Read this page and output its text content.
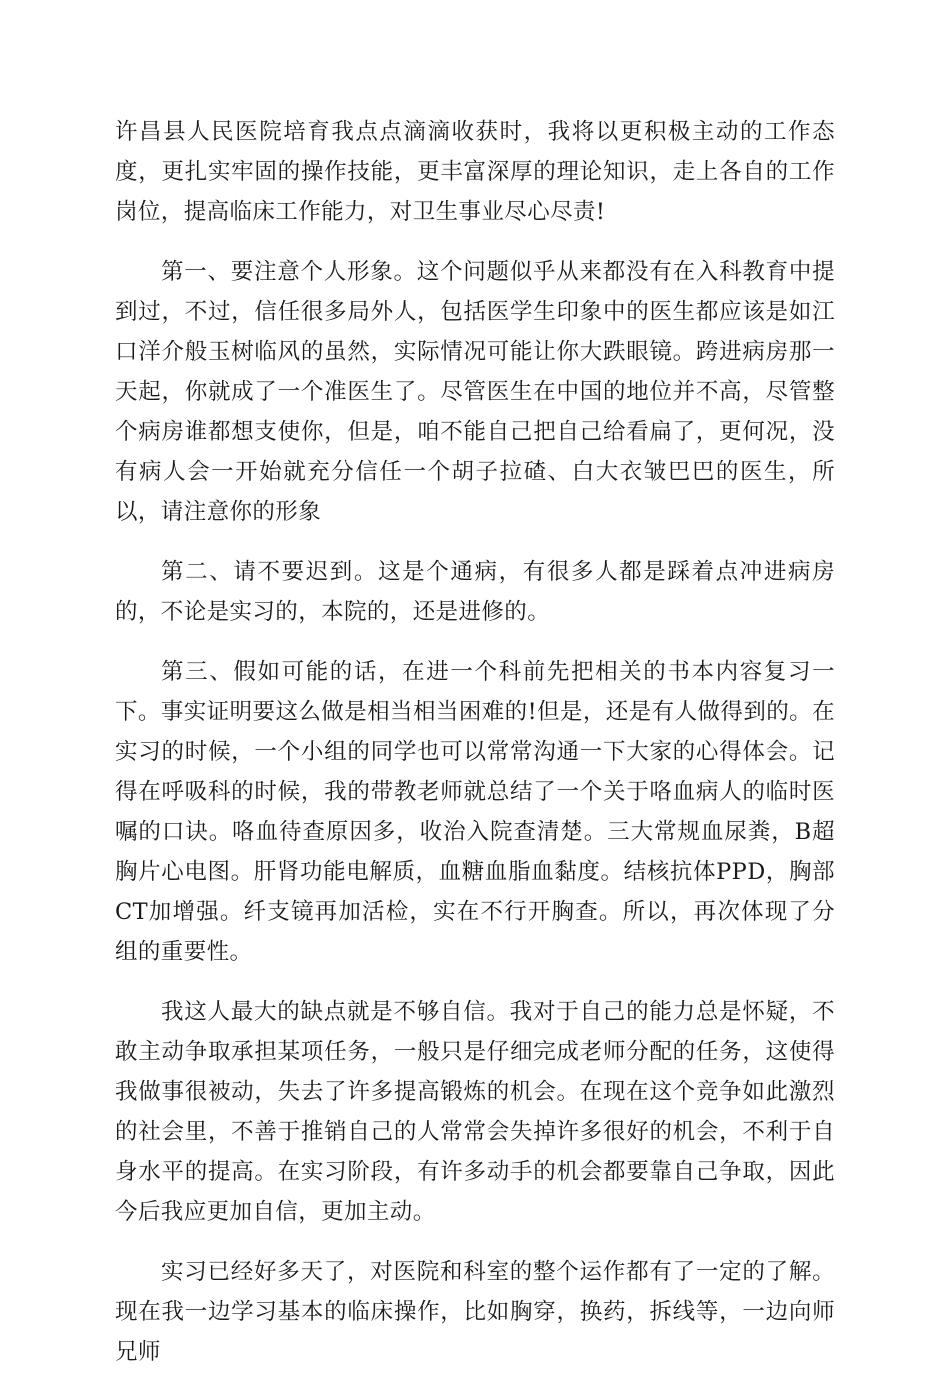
许昌县人民医院培育我点点滴滴收获时，我将以更积极主动的工作态度，更扎实牢固的操作技能，更丰富深厚的理论知识，走上各自的工作岗位，提高临床工作能力，对卫生事业尽心尽责!

第一、要注意个人形象。这个问题似乎从来都没有在入科教育中提到过，不过，信任很多局外人，包括医学生印象中的医生都应该是如江口洋介般玉树临风的虽然，实际情况可能让你大跌眼镜。跨进病房那一天起，你就成了一个准医生了。尽管医生在中国的地位并不高，尽管整个病房谁都想支使你，但是，咱不能自己把自己给看扁了，更何况，没有病人会一开始就充分信任一个胡子拉碴、白大衣皱巴巴的医生，所以，请注意你的形象

第二、请不要迟到。这是个通病，有很多人都是踩着点冲进病房的，不论是实习的，本院的，还是进修的。

第三、假如可能的话，在进一个科前先把相关的书本内容复习一下。事实证明要这么做是相当相当困难的!但是，还是有人做得到的。在实习的时候，一个小组的同学也可以常常沟通一下大家的心得体会。记得在呼吸科的时候，我的带教老师就总结了一个关于咯血病人的临时医嘱的口诀。咯血待查原因多，收治入院查清楚。三大常规血尿粪，B超胸片心电图。肝肾功能电解质，血糖血脂血黏度。结核抗体PPD，胸部CT加增强。纤支镜再加活检，实在不行开胸查。所以，再次体现了分组的重要性。

我这人最大的缺点就是不够自信。我对于自己的能力总是怀疑，不敢主动争取承担某项任务，一般只是仔细完成老师分配的任务，这使得我做事很被动，失去了许多提高锻炼的机会。在现在这个竞争如此激烈的社会里，不善于推销自己的人常常会失掉许多很好的机会，不利于自身水平的提高。在实习阶段，有许多动手的机会都要靠自己争取，因此今后我应更加自信，更加主动。

实习已经好多天了，对医院和科室的整个运作都有了一定的了解。现在我一边学习基本的临床操作，比如胸穿，换药，拆线等，一边向师兄师
